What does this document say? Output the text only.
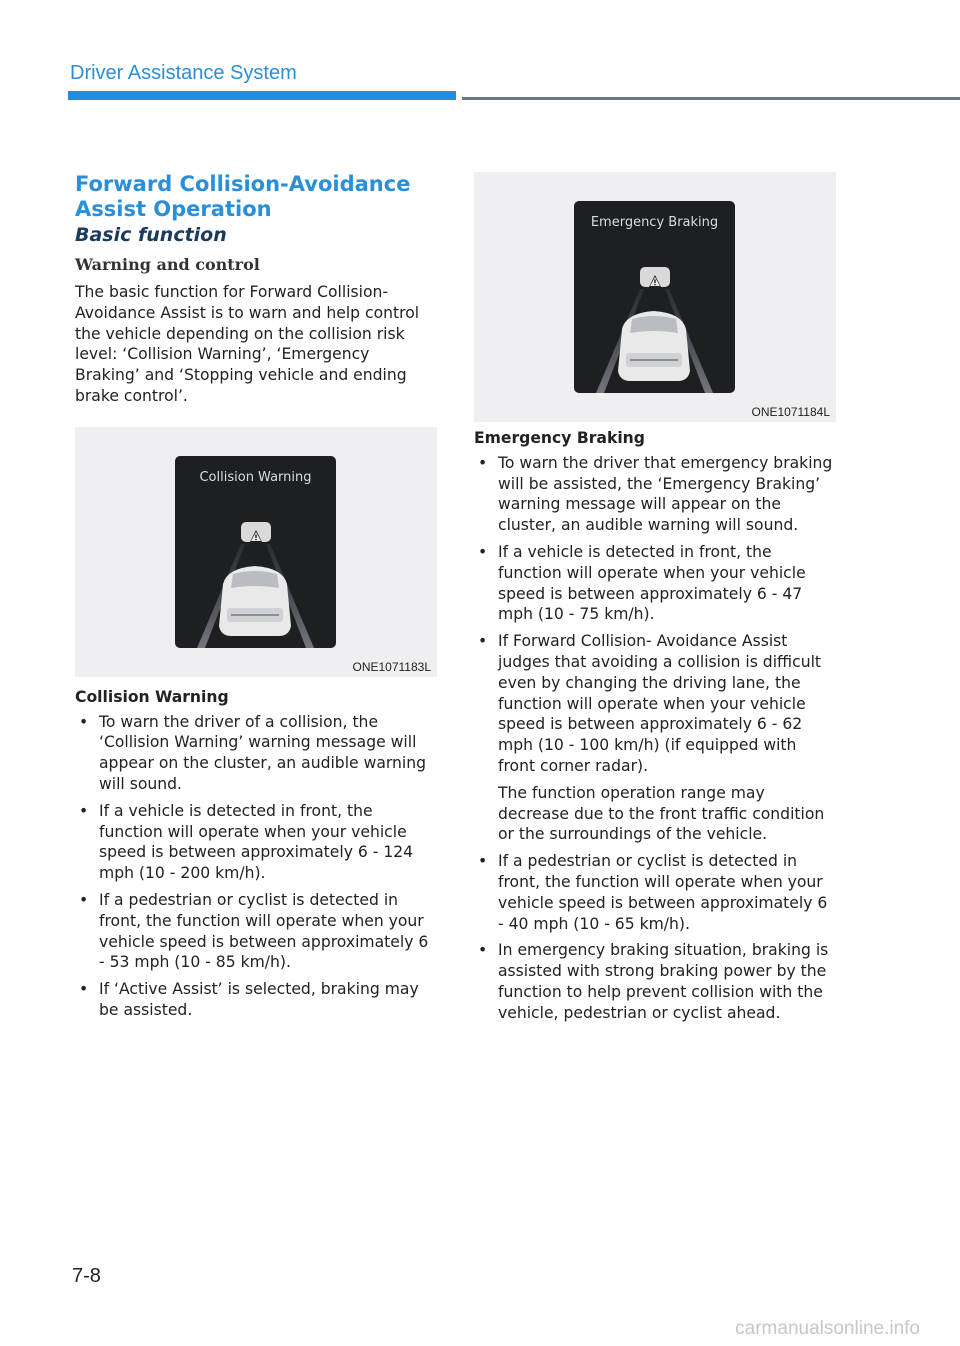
Driver Assistance System
Forward Collision-Avoidance
Assist Operation
Basic function
Warning and control

The basic function for Forward Collision-Avoidance Assist is to warn and help control the vehicle depending on the collision risk level: ‘Collision Warning’, ‘Emergency Braking’ and ‘Stopping vehicle and ending brake control’.

Collision Warning
ONE1071183L
Collision Warning
• To warn the driver of a collision, the ‘Collision Warning’ warning message will appear on the cluster, an audible warning will sound.
• If a vehicle is detected in front, the function will operate when your vehicle speed is between approximately 6 - 124 mph (10 - 200 km/h).
• If a pedestrian or cyclist is detected in front, the function will operate when your vehicle speed is between approximately 6 - 53 mph (10 - 85 km/h).
• If ‘Active Assist’ is selected, braking may be assisted.
Emergency Braking
ONE1071184L
Emergency Braking
• To warn the driver that emergency braking will be assisted, the ‘Emergency Braking’ warning message will appear on the cluster, an audible warning will sound.
• If a vehicle is detected in front, the function will operate when your vehicle speed is between approximately 6 - 47 mph (10 - 75 km/h).
• If Forward Collision- Avoidance Assist judges that avoiding a collision is difficult even by changing the driving lane, the function will operate when your vehicle speed is between approximately 6 - 62 mph (10 - 100 km/h) (if equipped with front corner radar).

The function operation range may decrease due to the front traffic condition or the surroundings of the vehicle.

• If a pedestrian or cyclist is detected in front, the function will operate when your vehicle speed is between approximately 6 - 40 mph (10 - 65 km/h).
• In emergency braking situation, braking is assisted with strong braking power by the function to help prevent collision with the vehicle, pedestrian or cyclist ahead.
7-8
carmanualsonline.info
